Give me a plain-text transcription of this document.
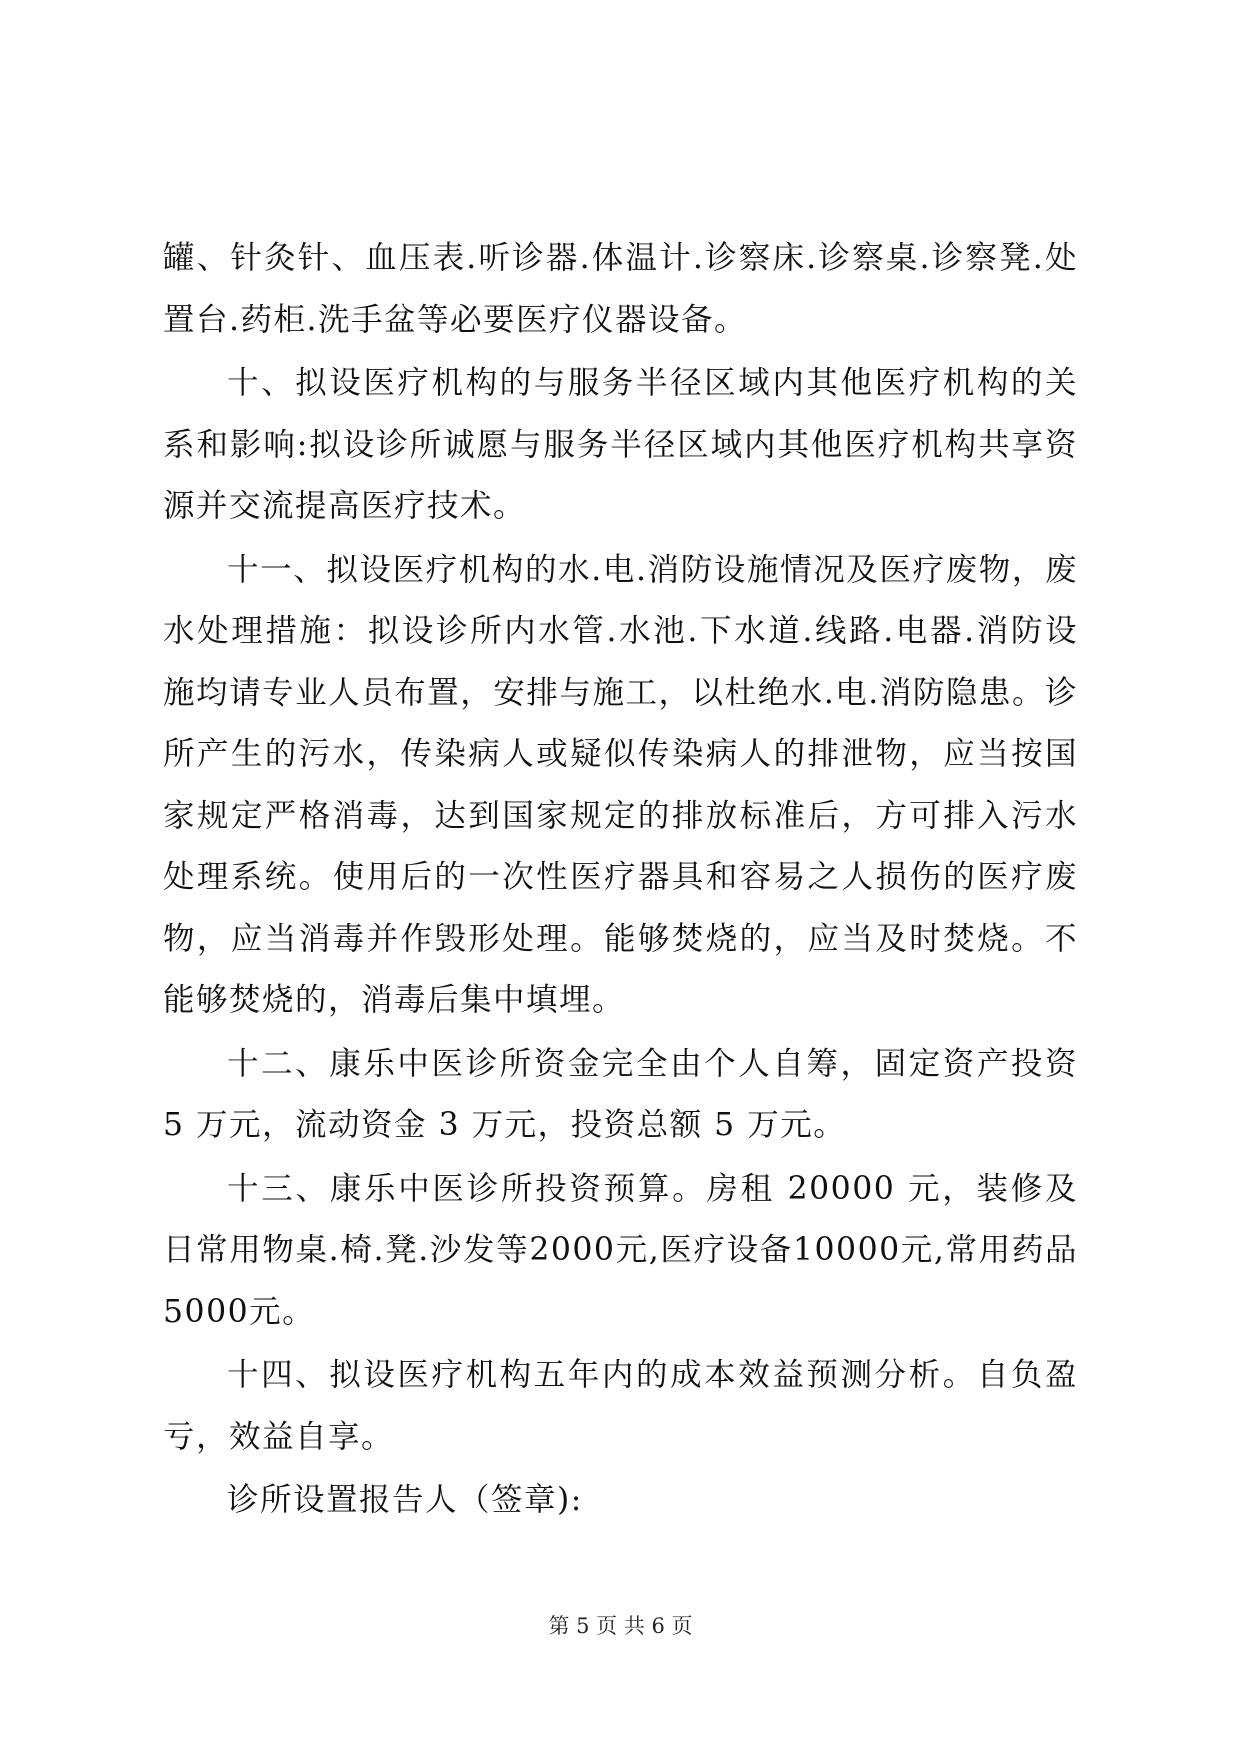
罐、针灸针、血压表.听诊器.体温计.诊察床.诊察桌.诊察凳.处置台.药柜.洗手盆等必要医疗仪器设备。

十、拟设医疗机构的与服务半径区域内其他医疗机构的关系和影响:拟设诊所诚愿与服务半径区域内其他医疗机构共享资源并交流提高医疗技术。

十一、拟设医疗机构的水.电.消防设施情况及医疗废物，废水处理措施：拟设诊所内水管.水池.下水道.线路.电器.消防设施均请专业人员布置，安排与施工，以杜绝水.电.消防隐患。诊所产生的污水，传染病人或疑似传染病人的排泄物，应当按国家规定严格消毒，达到国家规定的排放标准后，方可排入污水处理系统。使用后的一次性医疗器具和容易之人损伤的医疗废物，应当消毒并作毁形处理。能够焚烧的，应当及时焚烧。不能够焚烧的，消毒后集中填埋。

十二、康乐中医诊所资金完全由个人自筹，固定资产投资 5 万元，流动资金 3 万元，投资总额 5 万元。

十三、康乐中医诊所投资预算。房租 20000 元，装修及日常用物桌.椅.凳.沙发等2000元,医疗设备10000元,常用药品5000元。

十四、拟设医疗机构五年内的成本效益预测分析。自负盈亏，效益自享。

诊所设置报告人（签章):

第 5 页 共 6 页
